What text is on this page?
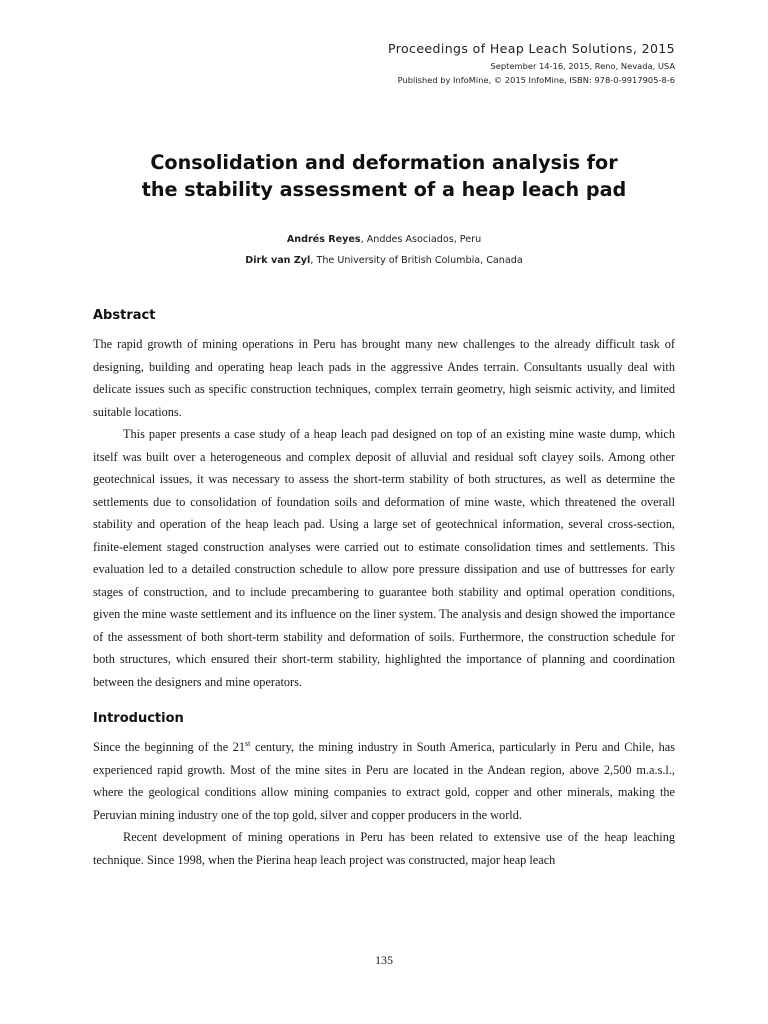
Proceedings of Heap Leach Solutions, 2015
September 14-16, 2015, Reno, Nevada, USA
Published by InfoMine, © 2015 InfoMine, ISBN: 978-0-9917905-8-6
Consolidation and deformation analysis for
the stability assessment of a heap leach pad
Andrés Reyes, Anddes Asociados, Peru
Dirk van Zyl, The University of British Columbia, Canada
Abstract

The rapid growth of mining operations in Peru has brought many new challenges to the already difficult task of designing, building and operating heap leach pads in the aggressive Andes terrain. Consultants usually deal with delicate issues such as specific construction techniques, complex terrain geometry, high seismic activity, and limited suitable locations.

This paper presents a case study of a heap leach pad designed on top of an existing mine waste dump, which itself was built over a heterogeneous and complex deposit of alluvial and residual soft clayey soils. Among other geotechnical issues, it was necessary to assess the short-term stability of both structures, as well as determine the settlements due to consolidation of foundation soils and deformation of mine waste, which threatened the overall stability and operation of the heap leach pad. Using a large set of geotechnical information, several cross-section, finite-element staged construction analyses were carried out to estimate consolidation times and settlements. This evaluation led to a detailed construction schedule to allow pore pressure dissipation and use of buttresses for early stages of construction, and to include precambering to guarantee both stability and optimal operation conditions, given the mine waste settlement and its influence on the liner system. The analysis and design showed the importance of the assessment of both short-term stability and deformation of soils. Furthermore, the construction schedule for both structures, which ensured their short-term stability, highlighted the importance of planning and coordination between the designers and mine operators.

Introduction

Since the beginning of the 21st century, the mining industry in South America, particularly in Peru and Chile, has experienced rapid growth. Most of the mine sites in Peru are located in the Andean region, above 2,500 m.a.s.l., where the geological conditions allow mining companies to extract gold, copper and other minerals, making the Peruvian mining industry one of the top gold, silver and copper producers in the world.

Recent development of mining operations in Peru has been related to extensive use of the heap leaching technique. Since 1998, when the Pierina heap leach project was constructed, major heap leach

135
